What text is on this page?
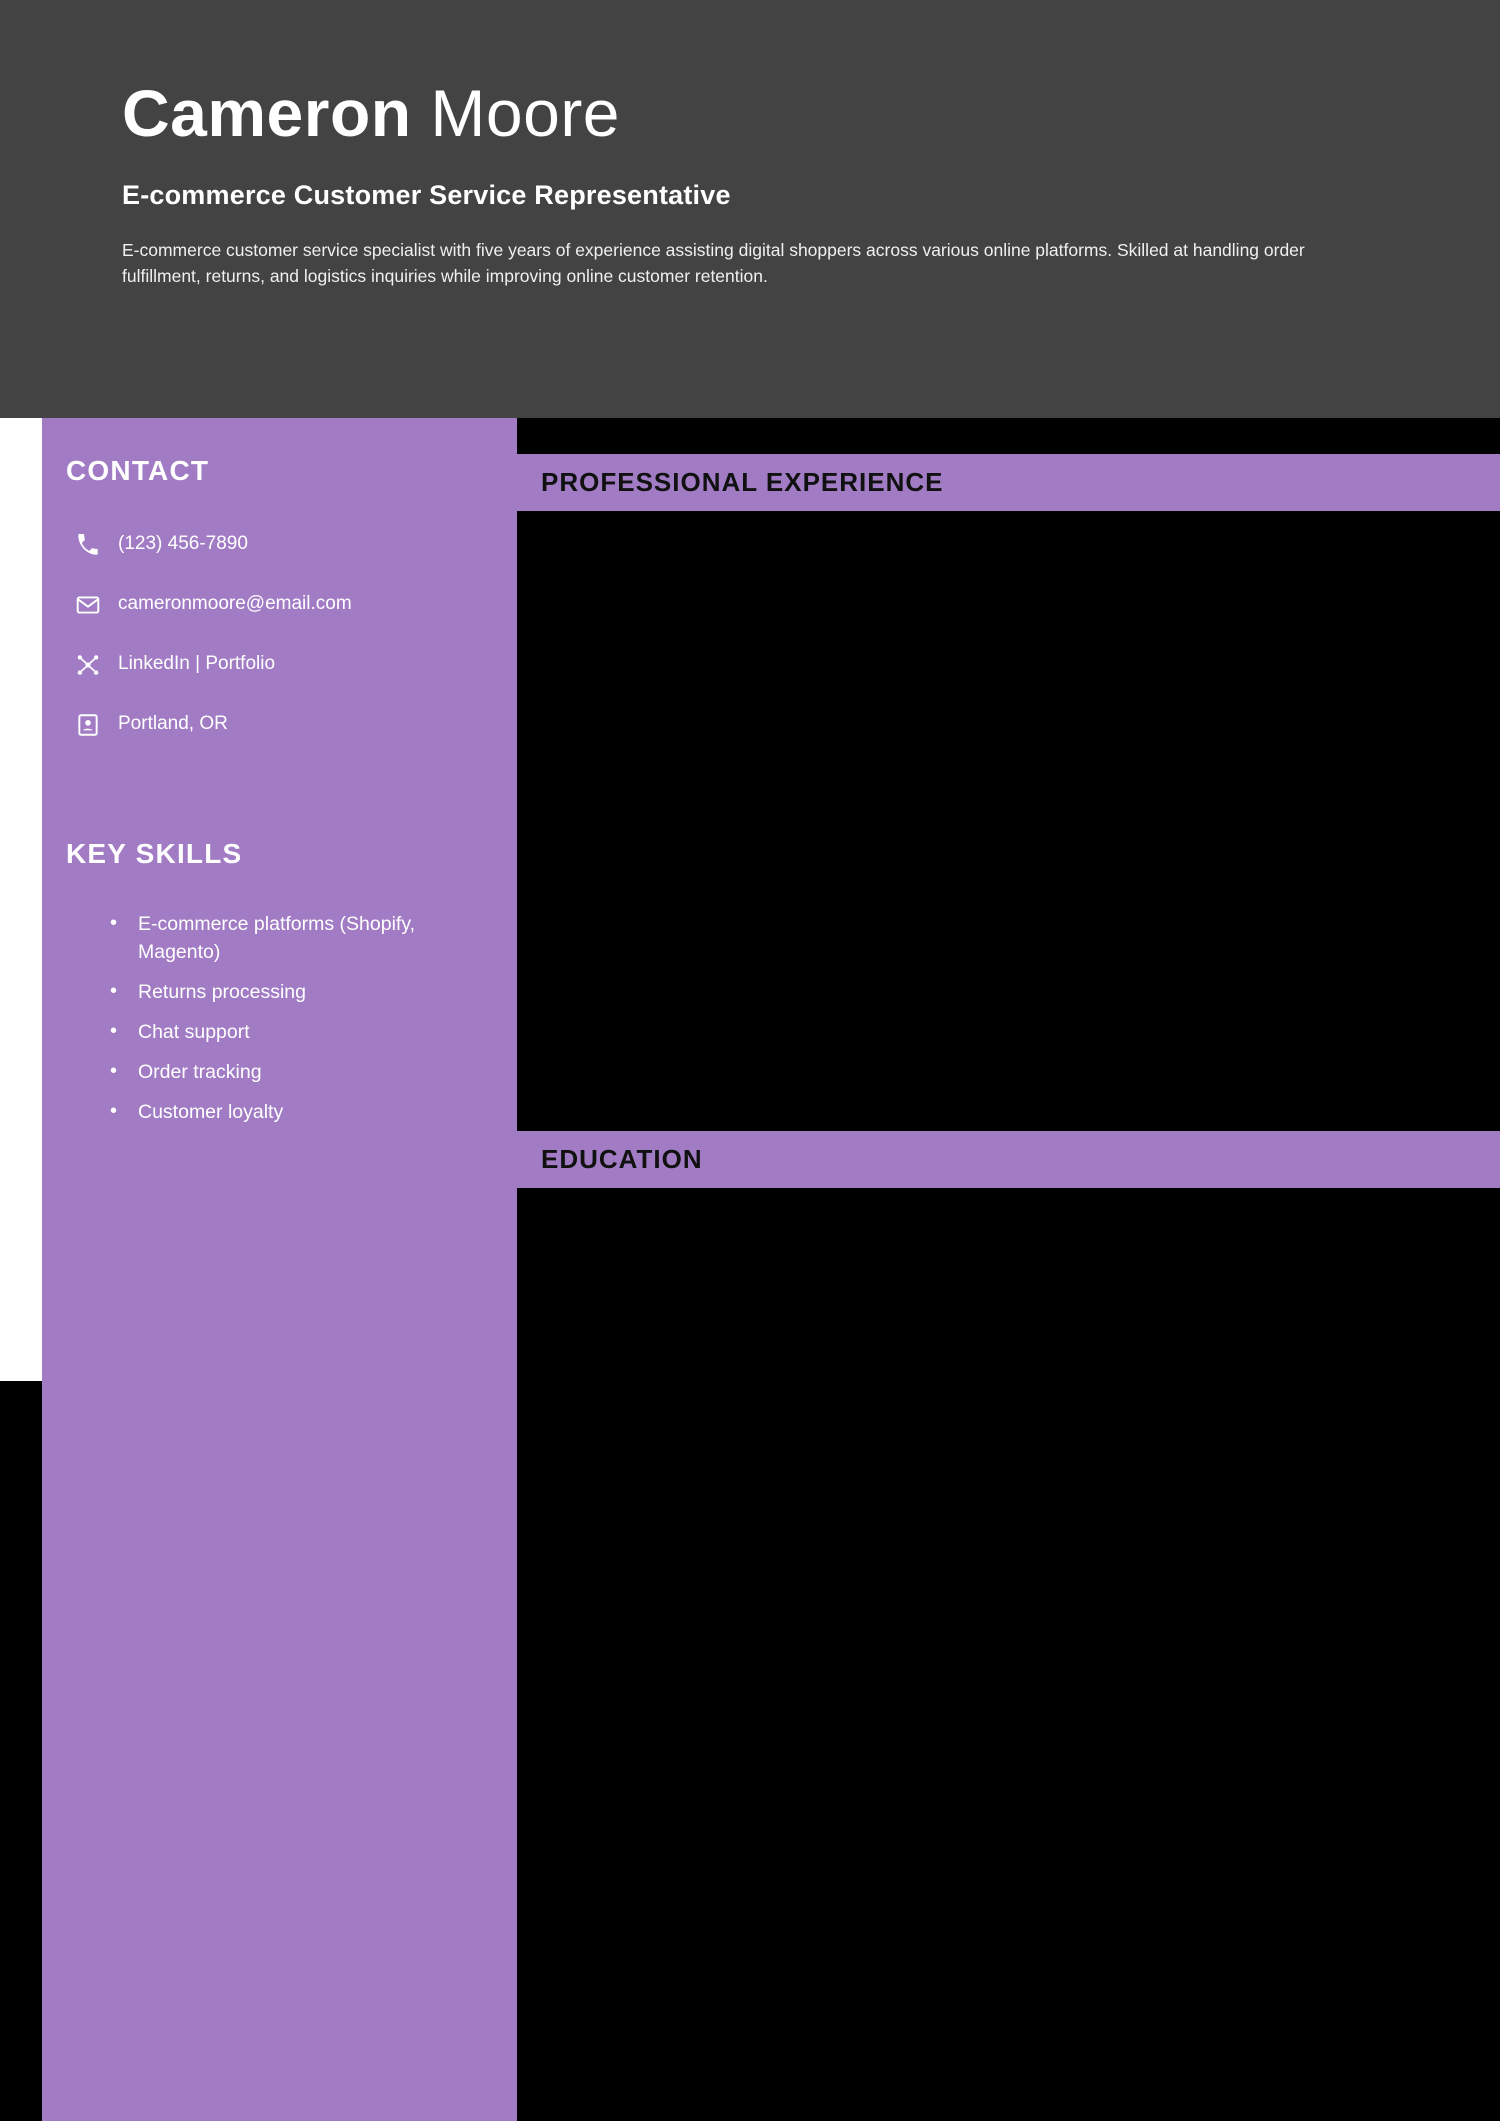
Cameron Moore
E-commerce Customer Service Representative
E-commerce customer service specialist with five years of experience assisting digital shoppers across various online platforms. Skilled at handling order fulfillment, returns, and logistics inquiries while improving online customer retention.
CONTACT
(123) 456-7890
cameronmoore@email.com
LinkedIn | Portfolio
Portland, OR
KEY SKILLS
• E-commerce platforms (Shopify, Magento)
• Returns processing
• Chat support
• Order tracking
• Customer loyalty
PROFESSIONAL EXPERIENCE
EDUCATION
